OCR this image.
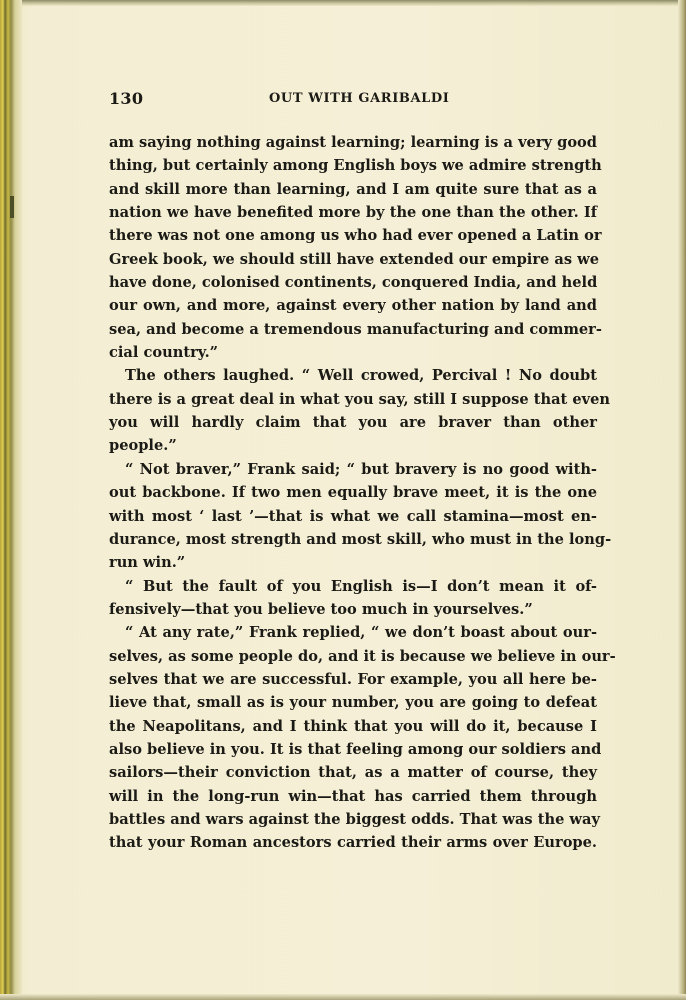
130	OUT WITH GARIBALDI
am saying nothing against learning; learning is a very good
thing, but certainly among English boys we admire strength
and skill more than learning, and I am quite sure that as a
nation we have benefited more by the one than the other. If
there was not one among us who had ever opened a Latin or
Greek book, we should still have extended our empire as we
have done, colonised continents, conquered India, and held
our own, and more, against every other nation by land and
sea, and become a tremendous manufacturing and commer-
cial country.”
The others laughed. “ Well crowed, Percival ! No doubt
there is a great deal in what you say, still I suppose that even
you will hardly claim that you are braver than other
people.”
“ Not braver,” Frank said; “ but bravery is no good with-
out backbone. If two men equally brave meet, it is the one
with most ‘ last ’—that is what we call stamina—most en-
durance, most strength and most skill, who must in the long-
run win.”
“ But the fault of you English is—I don’t mean it of-
fensively—that you believe too much in yourselves.”
“ At any rate,” Frank replied, “ we don’t boast about our-
selves, as some people do, and it is because we believe in our-
selves that we are successful. For example, you all here be-
lieve that, small as is your number, you are going to defeat
the Neapolitans, and I think that you will do it, because I
also believe in you. It is that feeling among our soldiers and
sailors—their conviction that, as a matter of course, they
will in the long-run win—that has carried them through
battles and wars against the biggest odds. That was the way
that your Roman ancestors carried their arms over Europe.
